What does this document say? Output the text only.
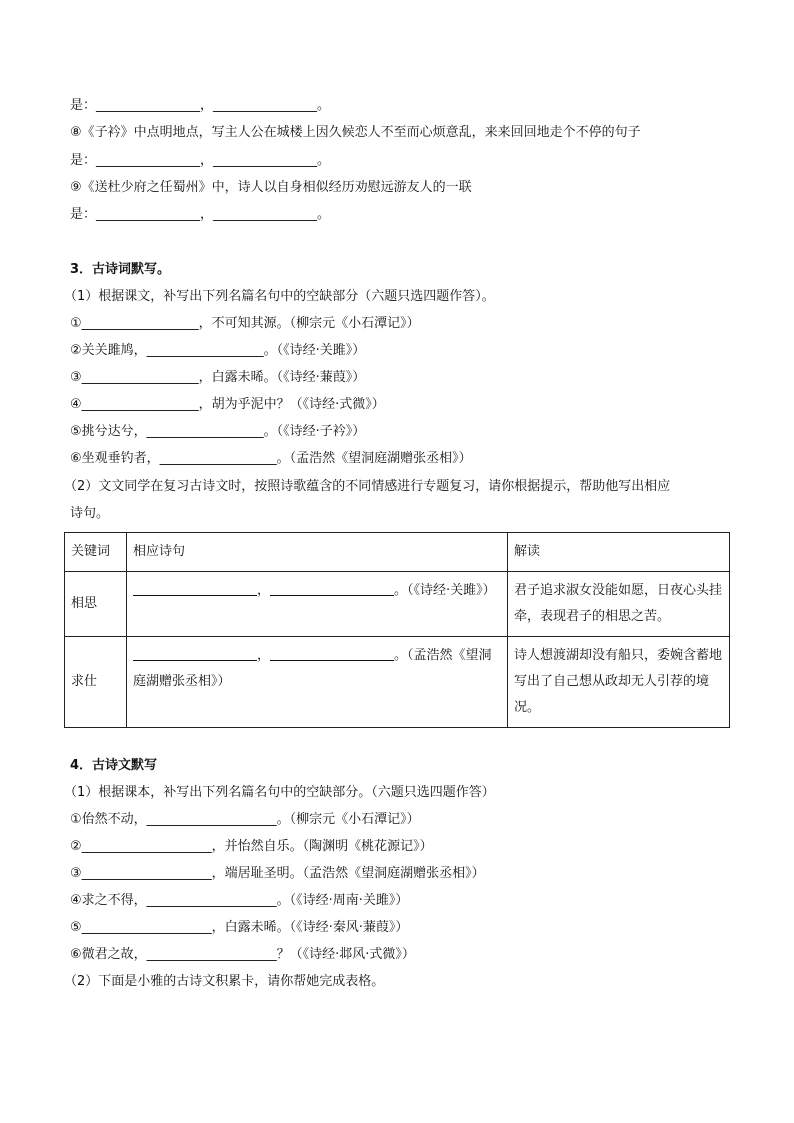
是：________________，________________。
⑧《子衿》中点明地点，写主人公在城楼上因久候恋人不至而心烦意乱，来来回回地走个不停的句子
是：________________，________________。
⑨《送杜少府之任蜀州》中，诗人以自身相似经历劝慰远游友人的一联
是：________________，________________。
3．古诗词默写。
（1）根据课文，补写出下列名篇名句中的空缺部分（六题只选四题作答）。
①__________________，不可知其源。（柳宗元《小石潭记》）
②关关雎鸠，__________________。（《诗经·关雎》）
③__________________，白露未晞。（《诗经·蒹葭》）
④__________________，胡为乎泥中？（《诗经·式微》）
⑤挑兮达兮，__________________。（《诗经·子衿》）
⑥坐观垂钓者，__________________。（孟浩然《望洞庭湖赠张丞相》）
（2）文文同学在复习古诗文时，按照诗歌蕴含的不同情感进行专题复习，请你根据提示，帮助他写出相应
诗句。
关键词	相应诗句	解读
相思	， 。（《诗经·关雎》）	君子追求淑女没能如愿，日夜心头挂牵，表现君子的相思之苦。
求仕	， 。（孟浩然《望洞庭湖赠张丞相》）	诗人想渡湖却没有船只，委婉含蓄地写出了自己想从政却无人引荐的境况。
4．古诗文默写
（1）根据课本，补写出下列名篇名句中的空缺部分。（六题只选四题作答）
①佁然不动，____________________。（柳宗元《小石潭记》）
②____________________，并怡然自乐。（陶渊明《桃花源记》）
③____________________，端居耻圣明。（孟浩然《望洞庭湖赠张丞相》）
④求之不得，____________________。（《诗经·周南·关雎》）
⑤____________________，白露未晞。（《诗经·秦风·蒹葭》）
⑥微君之故，____________________？（《诗经·邶风·式微》）
（2）下面是小雅的古诗文积累卡，请你帮她完成表格。
